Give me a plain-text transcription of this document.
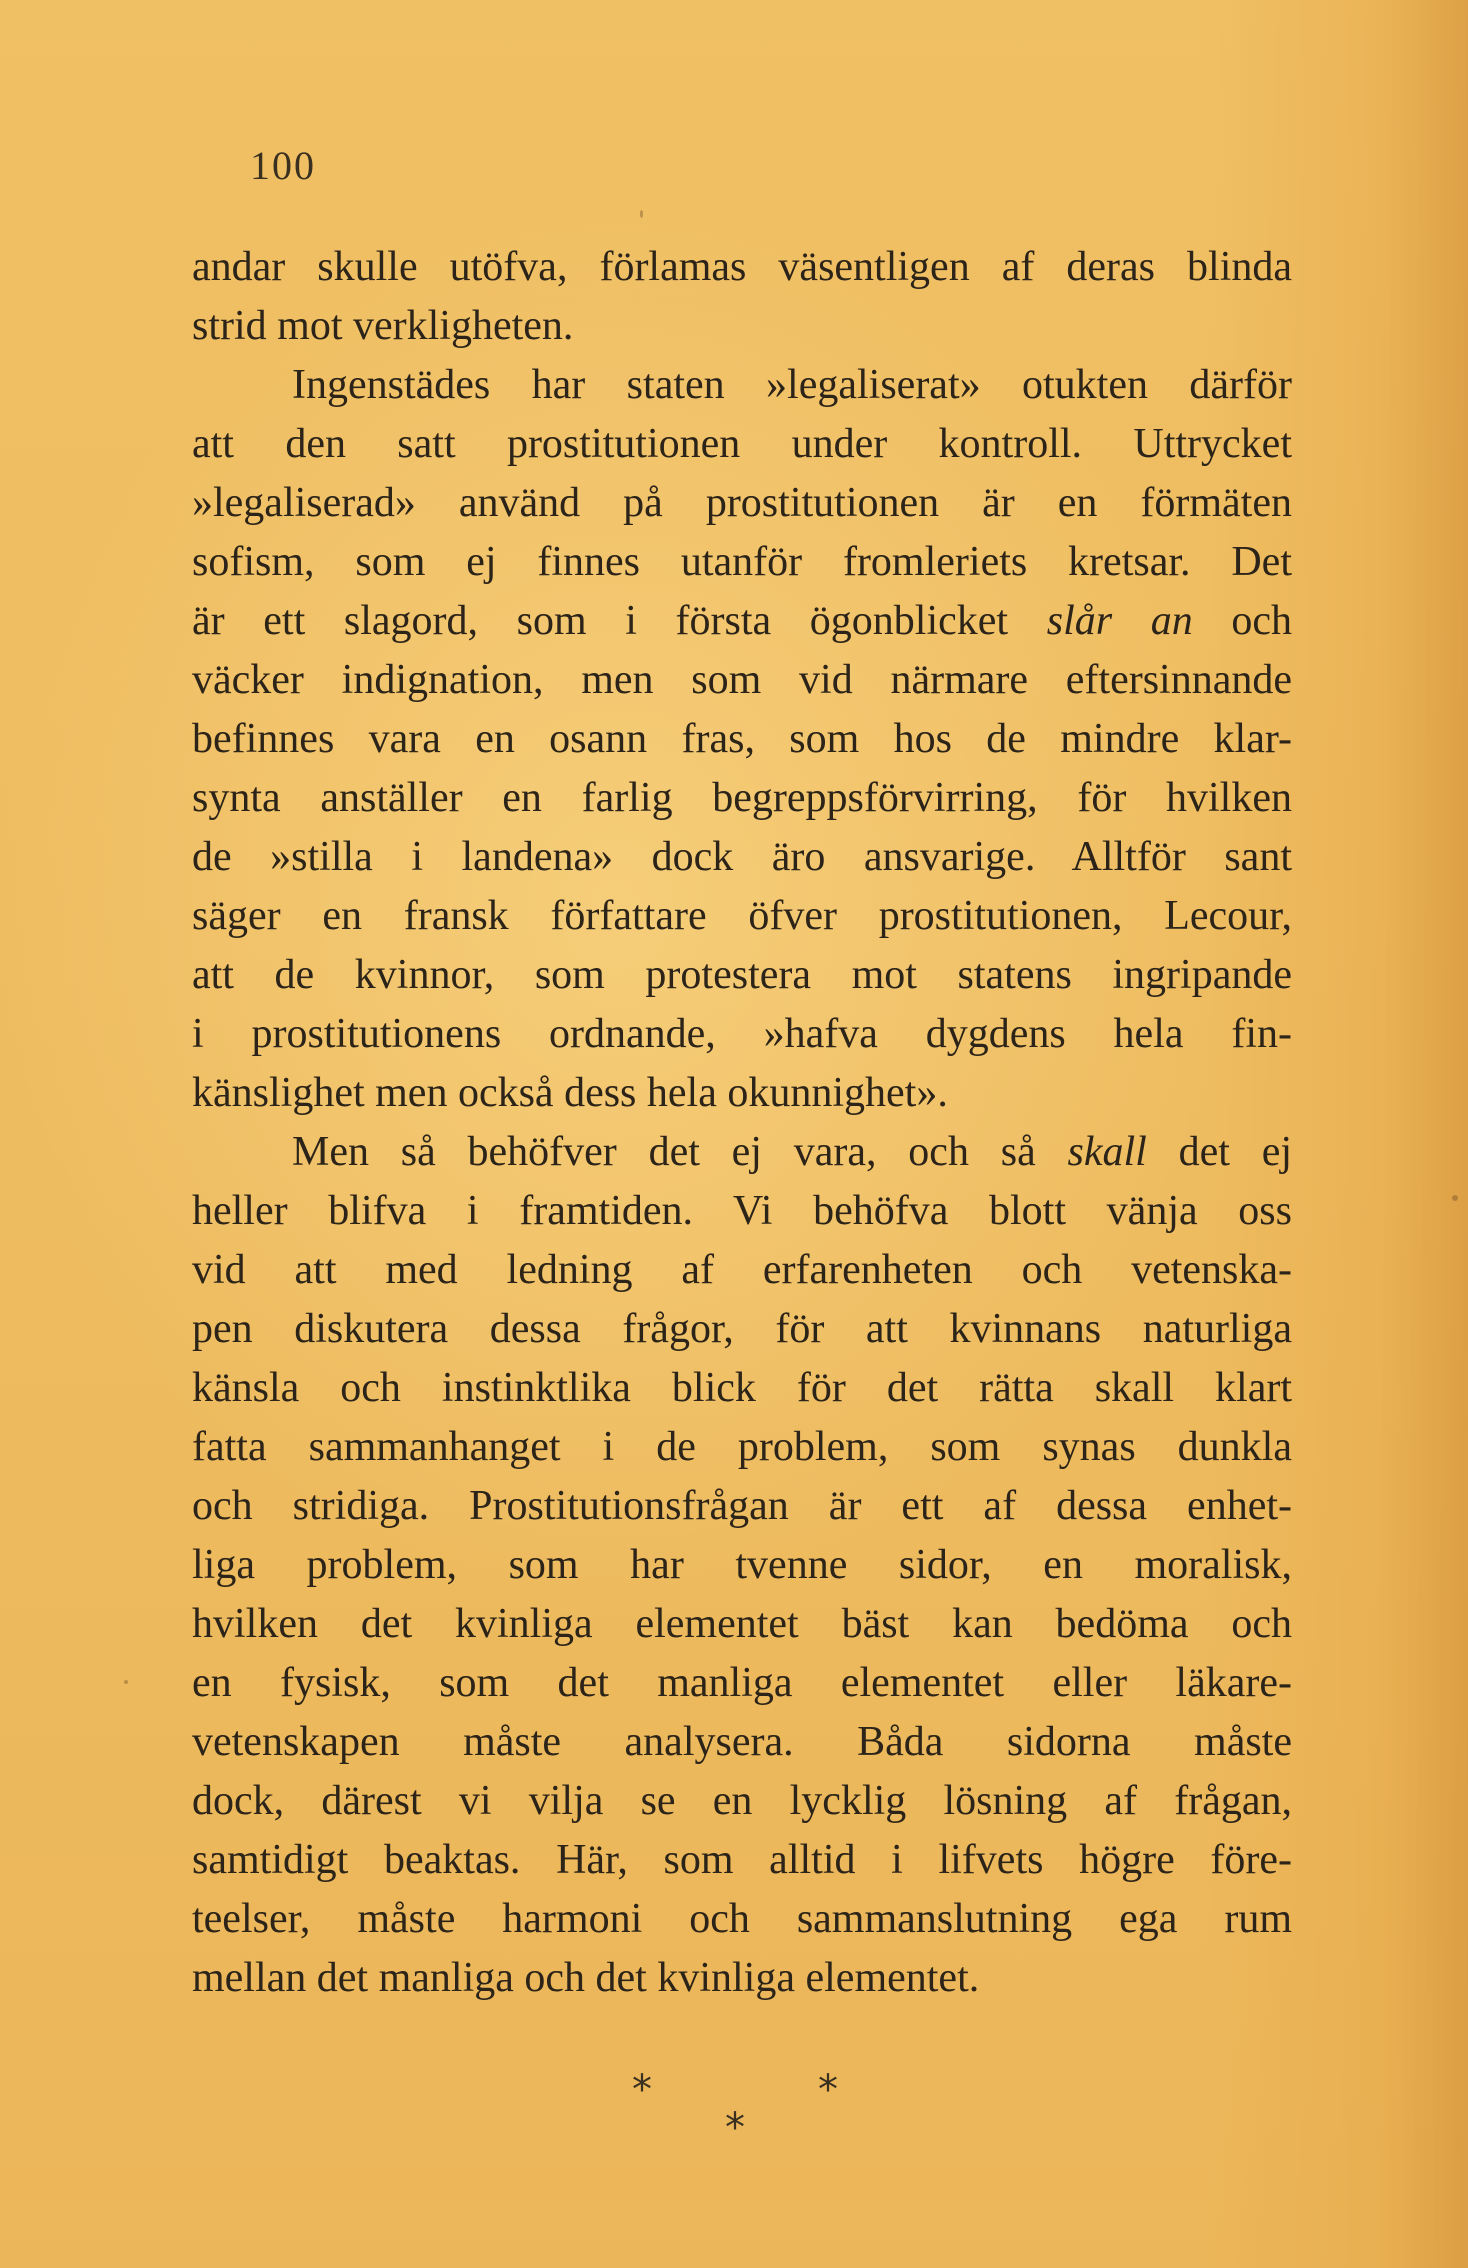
100
andar skulle utöfva, förlamas väsentligen af deras blinda
strid mot verkligheten.
Ingenstädes har staten »legaliserat» otukten därför
att den satt prostitutionen under kontroll. Uttrycket
»legaliserad» använd på prostitutionen är en förmäten
sofism, som ej finnes utanför fromleriets kretsar. Det
är ett slagord, som i första ögonblicket slår an och
väcker indignation, men som vid närmare eftersinnande
befinnes vara en osann fras, som hos de mindre klar-
synta anställer en farlig begreppsförvirring, för hvilken
de »stilla i landena» dock äro ansvarige. Alltför sant
säger en fransk författare öfver prostitutionen, Lecour,
att de kvinnor, som protestera mot statens ingripande
i prostitutionens ordnande, »hafva dygdens hela fin-
känslighet men också dess hela okunnighet».
Men så behöfver det ej vara, och så skall det ej
heller blifva i framtiden. Vi behöfva blott vänja oss
vid att med ledning af erfarenheten och vetenska-
pen diskutera dessa frågor, för att kvinnans naturliga
känsla och instinktlika blick för det rätta skall klart
fatta sammanhanget i de problem, som synas dunkla
och stridiga. Prostitutionsfrågan är ett af dessa enhet-
liga problem, som har tvenne sidor, en moralisk,
hvilken det kvinliga elementet bäst kan bedöma och
en fysisk, som det manliga elementet eller läkare-
vetenskapen måste analysera. Båda sidorna måste
dock, därest vi vilja se en lycklig lösning af frågan,
samtidigt beaktas. Här, som alltid i lifvets högre före-
teelser, måste harmoni och sammanslutning ega rum
mellan det manliga och det kvinliga elementet.
*	*
*
